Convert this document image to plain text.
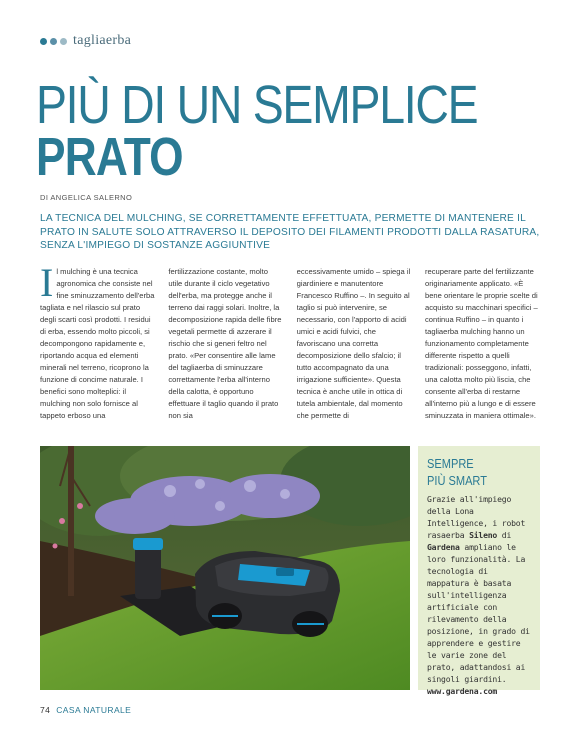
tagliaerba
PIÙ DI UN SEMPLICE
PRATO
DI ANGELICA SALERNO

LA TECNICA DEL MULCHING, SE CORRETTAMENTE EFFETTUATA, PERMETTE DI MANTENERE IL PRATO IN SALUTE SOLO ATTRAVERSO IL DEPOSITO DEI FILAMENTI PRODOTTI DALLA RASATURA, SENZA L'IMPIEGO DI SOSTANZE AGGIUNTIVE

Il mulching è una tecnica agronomica che consiste nel fine sminuzzamento dell'erba tagliata e nel rilascio sul prato degli scarti così prodotti. I residui di erba, essendo molto piccoli, si decompongono rapidamente e, riportando acqua ed elementi minerali nel terreno, ricoprono la funzione di concime naturale. I benefici sono molteplici: il mulching non solo fornisce al tappeto erboso una
fertilizzazione costante, molto utile durante il ciclo vegetativo dell'erba, ma protegge anche il terreno dai raggi solari. Inoltre, la decomposizione rapida delle fibre vegetali permette di azzerare il rischio che si generi feltro nel prato. «Per consentire alle lame del tagliaerba di sminuzzare correttamente l'erba all'interno della calotta, è opportuno effettuare il taglio quando il prato non sia
eccessivamente umido – spiega il giardiniere e manutentore Francesco Ruffino –. In seguito al taglio si può intervenire, se necessario, con l'apporto di acidi umici e acidi fulvici, che favoriscano una corretta decomposizione dello sfalcio; il tutto accompagnato da una irrigazione sufficiente». Questa tecnica è anche utile in ottica di tutela ambientale, dal momento che permette di
recuperare parte del fertilizzante originariamente applicato. «È bene orientare le proprie scelte di acquisto su macchinari specifici – continua Ruffino – in quanto i tagliaerba mulching hanno un funzionamento completamente differente rispetto a quelli tradizionali: posseggono, infatti, una calotta molto più liscia, che consente all'erba di restarne all'interno più a lungo e di essere sminuzzata in maniera ottimale».
SEMPRE
PIÙ SMART
Grazie all'impiego della Lona Intelligence, i robot rasaerba Sileno di Gardena ampliano le loro funzionalità. La tecnologia di mappatura è basata sull'intelligenza artificiale con rilevamento della posizione, in grado di apprendere e gestire le varie zone del prato, adattandosi ai singoli giardini.
www.gardena.com
74 CASA NATURALE
